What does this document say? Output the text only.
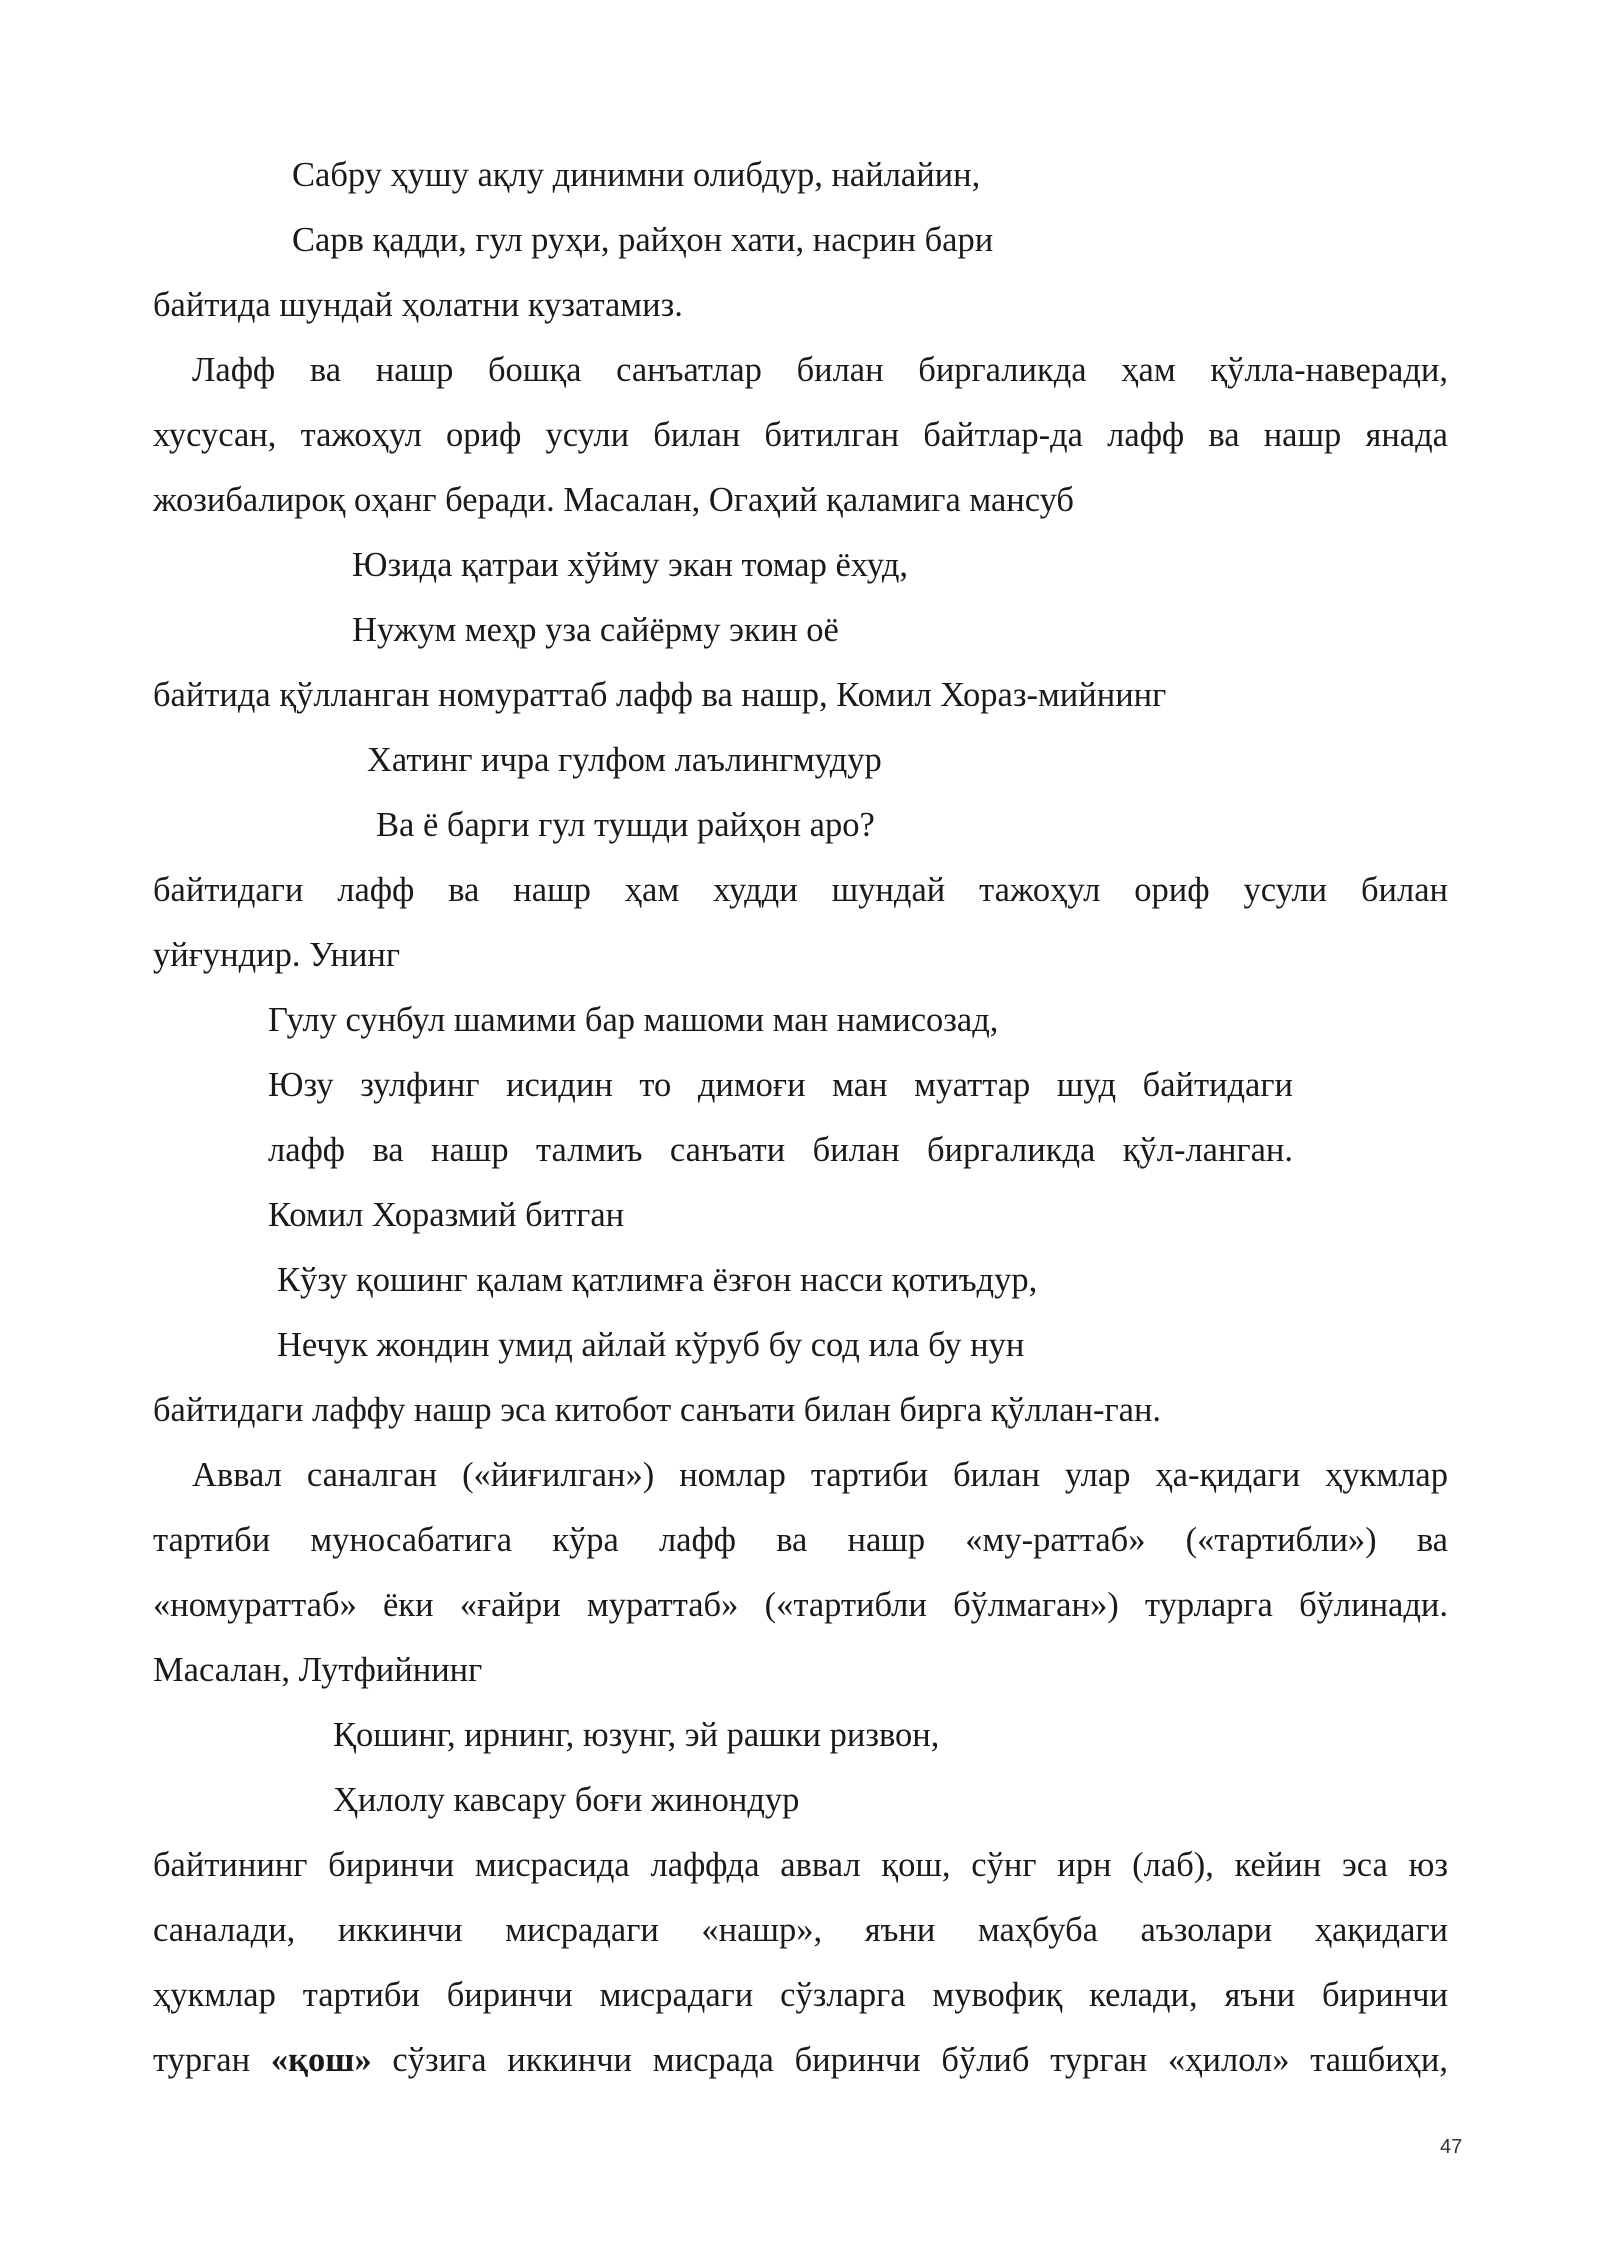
Сабру ҳушу ақлу динимни олибдур, найлайин,
Сарв қадди, гул руҳи, райҳон хати, насрин бари
байтида шундай ҳолатни кузатамиз.
Лафф ва нашр бошқа санъатлар билан биргаликда ҳам қўлла-наверади,
хусусан, тажоҳул ориф усули билан битилган байтлар-да лафф ва нашр янада
жозибалироқ оҳанг беради. Масалан, Огаҳий қаламига мансуб
Юзида қатраи хўйму экан томар ёхуд,
Нужум меҳр уза сайёрму экин оё
байтида қўлланган номураттаб лафф ва нашр, Комил Хораз-мийнинг
Хатинг ичра гулфом лаълингмудур
Ва ё барги гул тушди райҳон аро?
байтидаги лафф ва нашр ҳам худди шундай тажоҳул ориф усули билан
уйғундир. Унинг
Гулу сунбул шамими бар машоми ман намисозад,
Юзу зулфинг исидин то димоғи ман муаттар шуд байтидаги
лафф ва нашр талмиъ санъати билан биргаликда қўл-ланган.
Комил Хоразмий битган
Кўзу қошинг қалам қатлимға ёзғон насси қотиъдур,
Нечук жондин умид айлай кўруб бу сод ила бу нун
байтидаги лаффу нашр эса китобот санъати билан бирга қўллан-ган.
Аввал саналган («йиғилган») номлар тартиби билан улар ҳа-қидаги ҳукмлар
тартиби муносабатига кўра лафф ва нашр «му-раттаб» («тартибли») ва
«номураттаб» ёки «ғайри мураттаб» («тартибли бўлмаган») турларга бўлинади.
Масалан, Лутфийнинг
Қошинг, ирнинг, юзунг, эй рашки ризвон,
Ҳилолу кавсару боғи жинондур
байтининг биринчи мисрасида лаффда аввал қош, сўнг ирн (лаб), кейин эса юз
саналади, иккинчи мисрадаги «нашр», яъни маҳбуба аъзолари ҳақидаги
ҳукмлар тартиби биринчи мисрадаги сўзларга мувофиқ келади, яъни биринчи
турган «қош» сўзига иккинчи мисрада биринчи бўлиб турган «ҳилол» ташбиҳи,
47
